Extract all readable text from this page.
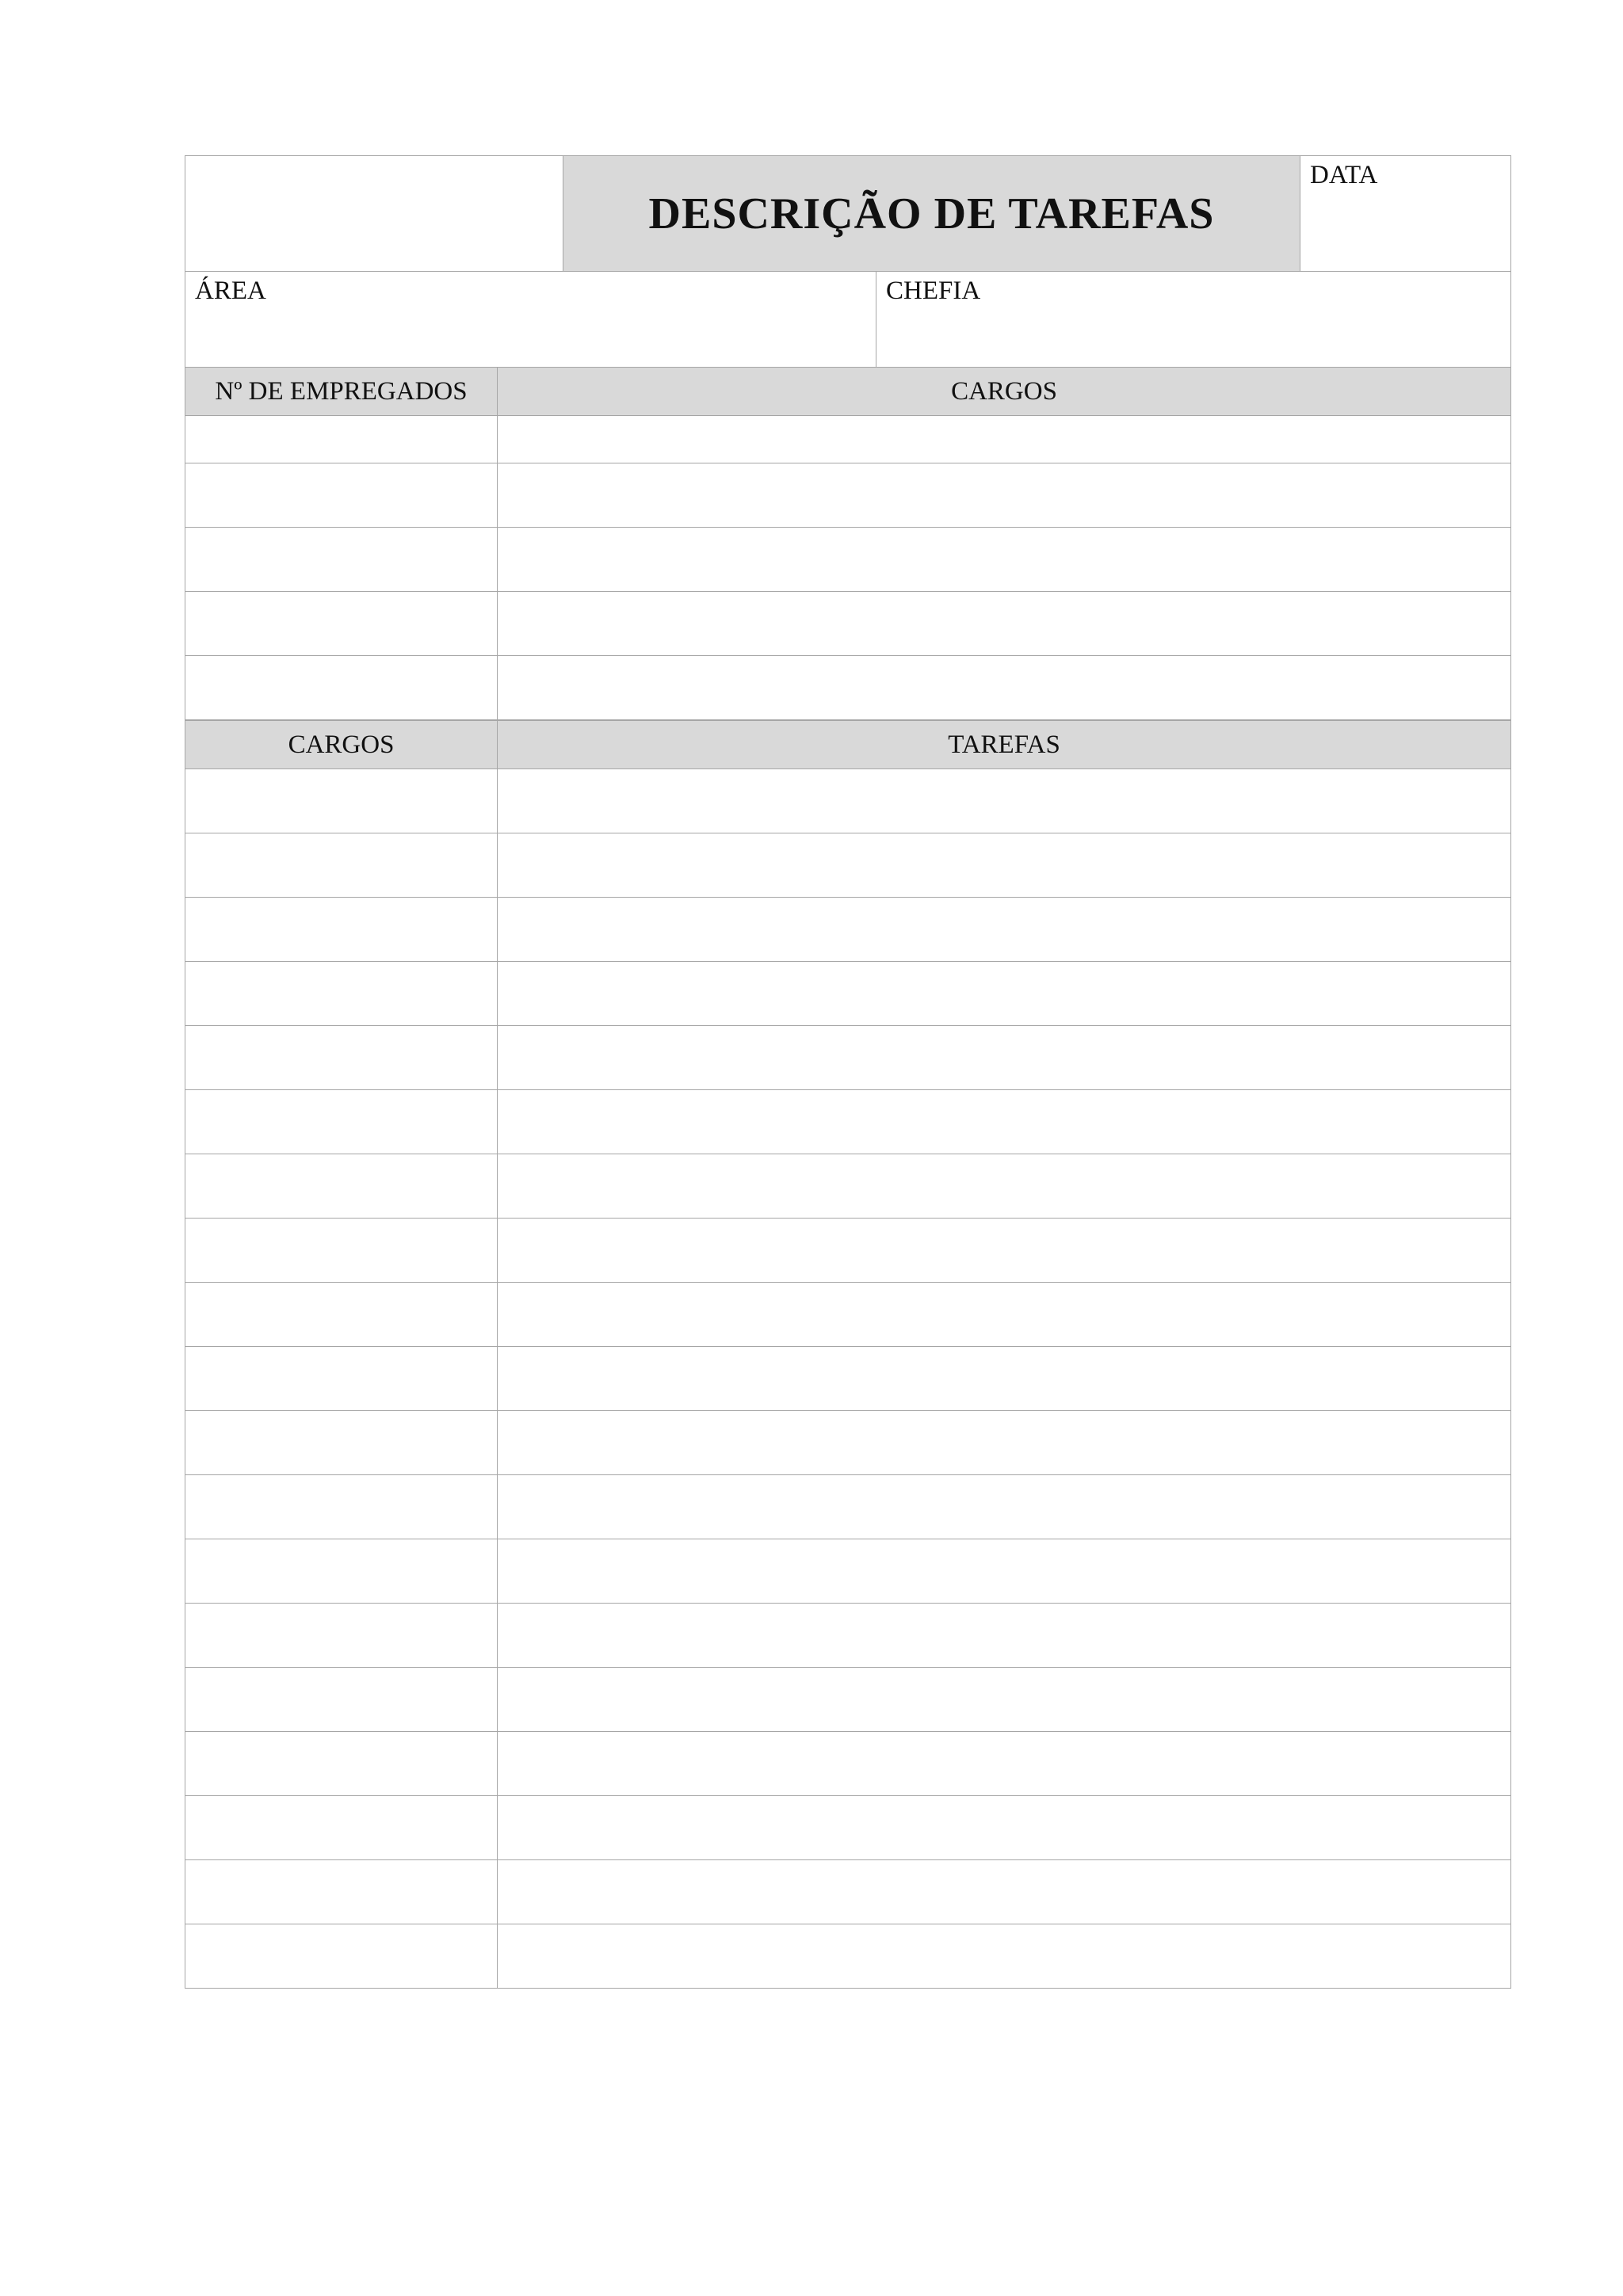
DESCRIÇÃO DE TAREFAS
DATA
ÁREA	CHEFIA
Nº DE EMPREGADOS	CARGOS
CARGOS	TAREFAS
